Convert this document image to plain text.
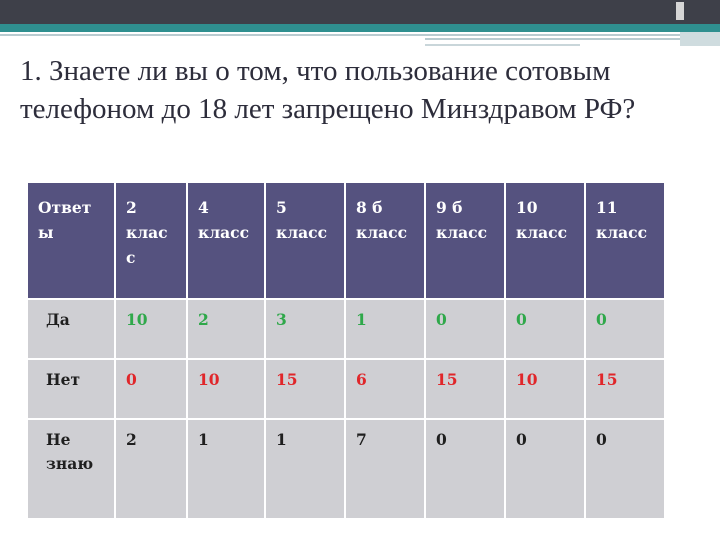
1. Знаете ли вы о том, что пользование сотовым телефоном до 18 лет запрещено Минздравом РФ?
Ответ ы	2 клас с	4 класс	5 класс	8 б класс	9 б класс	10 класс	11 класс
Да	10	2	3	1	0	0	0
Нет	0	10	15	6	15	10	15
Не знаю	2	1	1	7	0	0	0
